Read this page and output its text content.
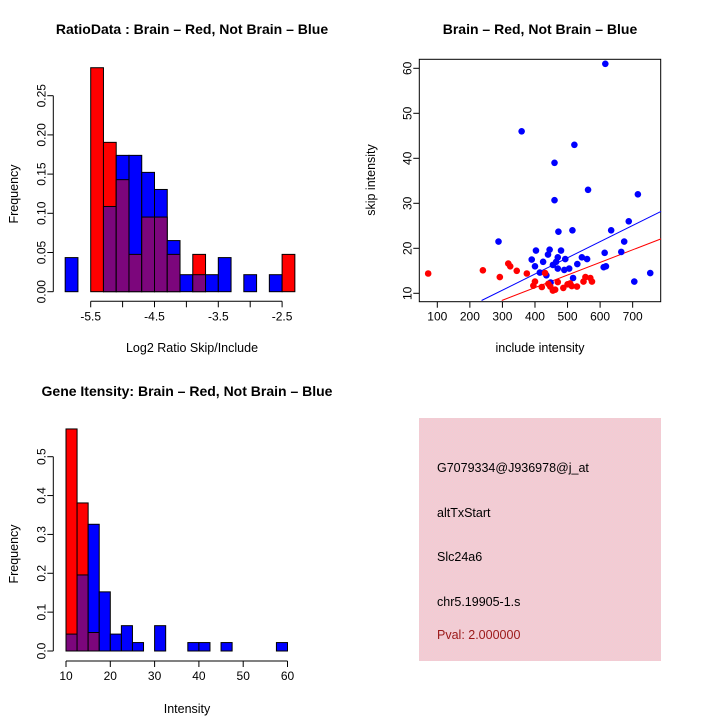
-5.5	-4.5	-3.5	-2.5
0.00
0.05
0.10
0.15
0.20
0.25
100 200 300 400 500 600 700
10
20
30
40
50
60
10	20	30	40	50	60
0.0
0.1
0.2
0.3
0.4
0.5
RatioData : Brain – Red, Not Brain – Blue	Brain – Red, Not Brain – Blue
Gene Itensity: Brain – Red, Not Brain – Blue
Log2 Ratio Skip/Include	include intensity
Intensity
Frequency	skip intensity
Frequency
G7079334@J936978@j_at
altTxStart
Slc24a6
chr5.19905-1.s
Pval: 2.000000
